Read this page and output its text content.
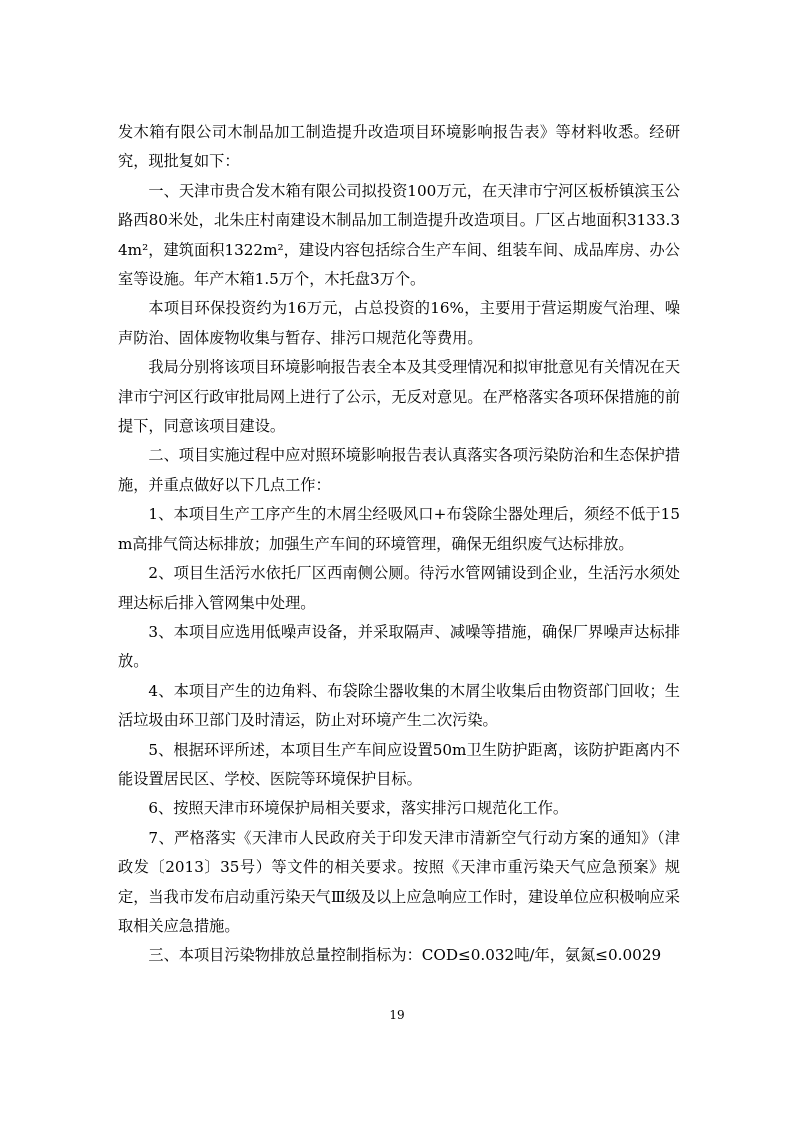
发木箱有限公司木制品加工制造提升改造项目环境影响报告表》等材料收悉。经研究，现批复如下：

一、天津市贵合发木箱有限公司拟投资100万元，在天津市宁河区板桥镇滨玉公路西80米处，北朱庄村南建设木制品加工制造提升改造项目。厂区占地面积3133.34m²，建筑面积1322m²，建设内容包括综合生产车间、组装车间、成品库房、办公室等设施。年产木箱1.5万个，木托盘3万个。

本项目环保投资约为16万元，占总投资的16%，主要用于营运期废气治理、噪声防治、固体废物收集与暂存、排污口规范化等费用。

我局分别将该项目环境影响报告表全本及其受理情况和拟审批意见有关情况在天津市宁河区行政审批局网上进行了公示，无反对意见。在严格落实各项环保措施的前提下，同意该项目建设。

二、项目实施过程中应对照环境影响报告表认真落实各项污染防治和生态保护措施，并重点做好以下几点工作：

1、本项目生产工序产生的木屑尘经吸风口+布袋除尘器处理后，须经不低于15m高排气筒达标排放；加强生产车间的环境管理，确保无组织废气达标排放。

2、项目生活污水依托厂区西南侧公厕。待污水管网铺设到企业，生活污水须处理达标后排入管网集中处理。

3、本项目应选用低噪声设备，并采取隔声、减噪等措施，确保厂界噪声达标排放。

4、本项目产生的边角料、布袋除尘器收集的木屑尘收集后由物资部门回收；生活垃圾由环卫部门及时清运，防止对环境产生二次污染。

5、根据环评所述，本项目生产车间应设置50m卫生防护距离，该防护距离内不能设置居民区、学校、医院等环境保护目标。

6、按照天津市环境保护局相关要求，落实排污口规范化工作。

7、严格落实《天津市人民政府关于印发天津市清新空气行动方案的通知》（津政发〔2013〕35号）等文件的相关要求。按照《天津市重污染天气应急预案》规定，当我市发布启动重污染天气Ⅲ级及以上应急响应工作时，建设单位应积极响应采取相关应急措施。

三、本项目污染物排放总量控制指标为：COD≤0.032吨/年，氨氮≤0.0029

19
